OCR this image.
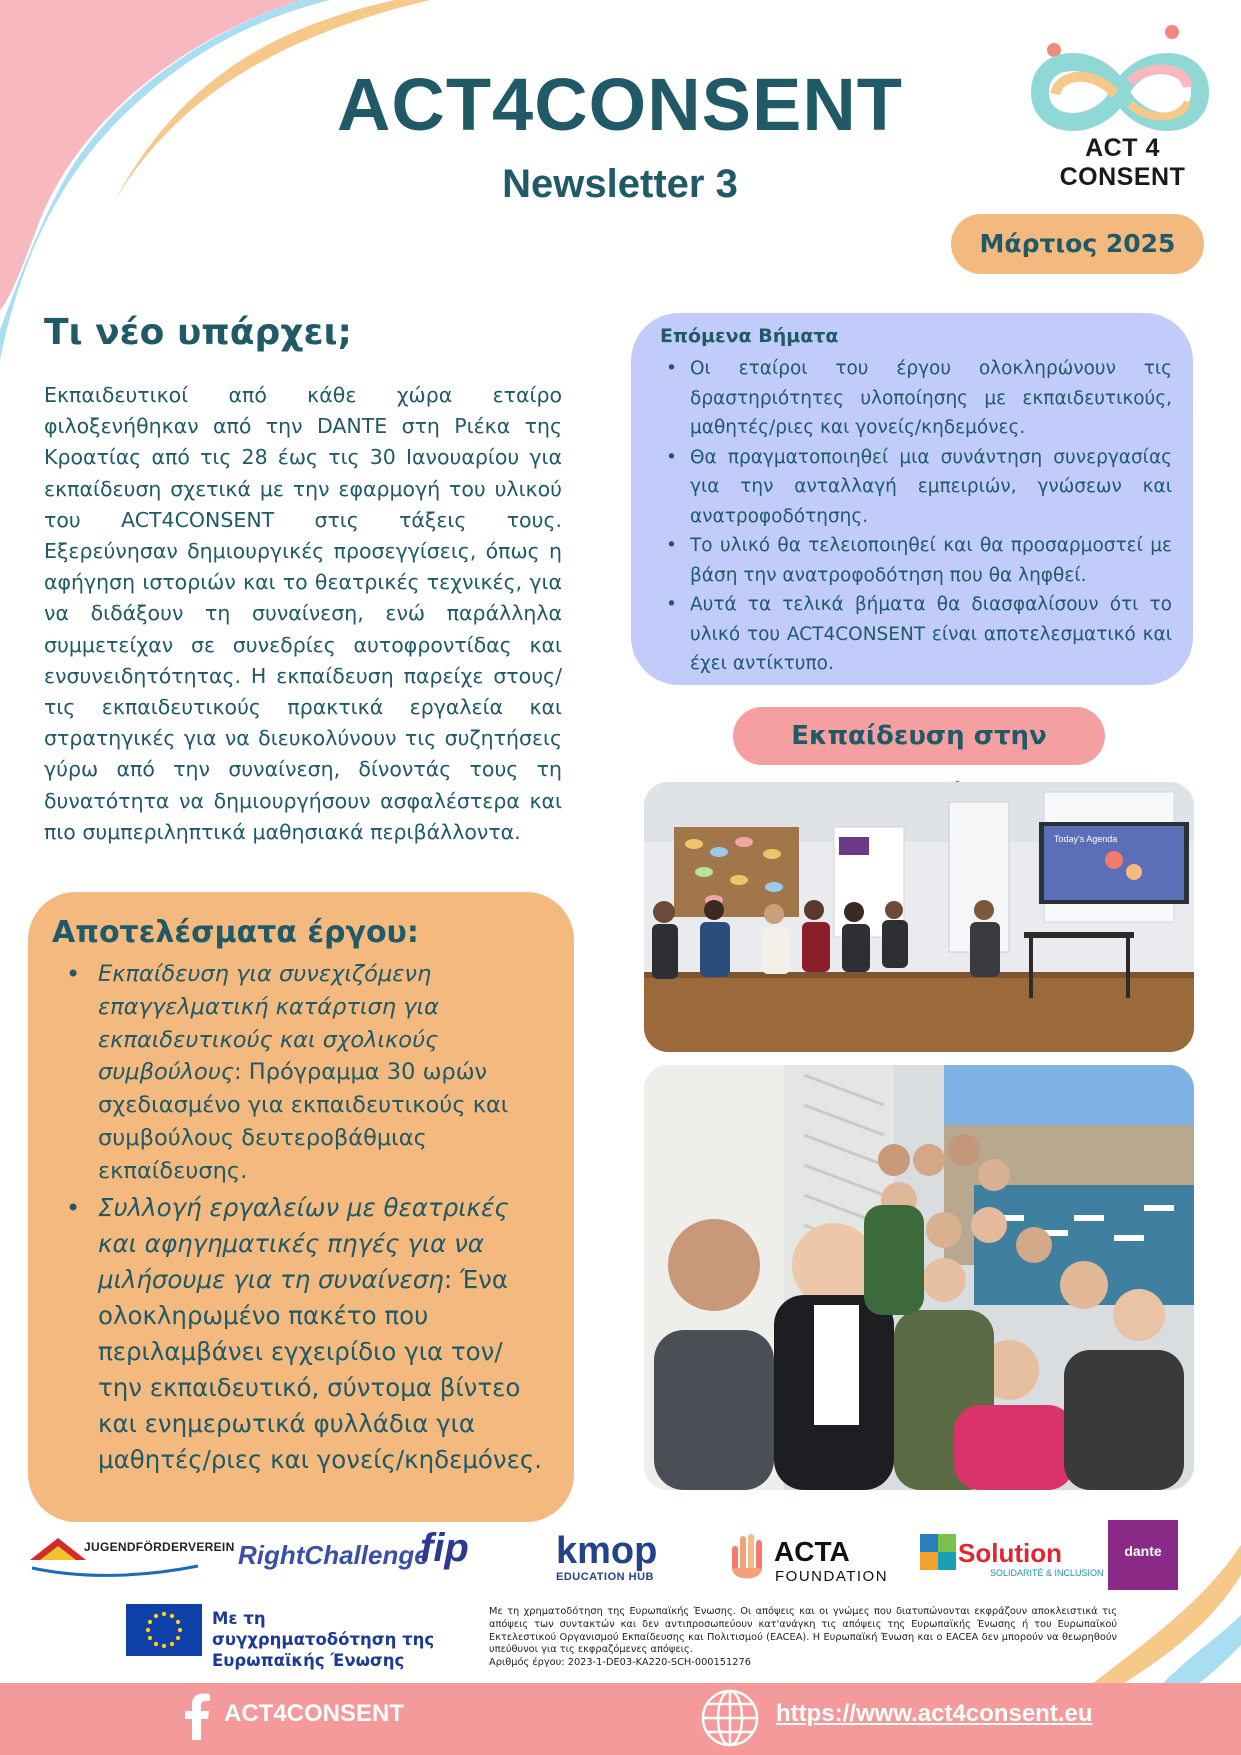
ACT4CONSENT
Newsletter 3
ACT 4 CONSENT
Μάρτιος 2025
Τι νέο υπάρχει;
Εκπαιδευτικοί από κάθε χώρα εταίρο φιλοξενήθηκαν από την DANTE στη Ριέκα της Κροατίας από τις 28 έως τις 30 Ιανουαρίου για εκπαίδευση σχετικά με την εφαρμογή του υλικού του ACT4CONSENT στις τάξεις τους. Εξερεύνησαν δημιουργικές προσεγγίσεις, όπως η αφήγηση ιστοριών και το θεατρικές τεχνικές, για να διδάξουν τη συναίνεση, ενώ παράλληλα συμμετείχαν σε συνεδρίες αυτοφροντίδας και ενσυνειδητότητας. Η εκπαίδευση παρείχε στους/τις εκπαιδευτικούς πρακτικά εργαλεία και στρατηγικές για να διευκολύνουν τις συζητήσεις γύρω από την συναίνεση, δίνοντάς τους τη δυνατότητα να δημιουργήσουν ασφαλέστερα και πιο συμπεριληπτικά μαθησιακά περιβάλλοντα.
Αποτελέσματα έργου:
• Εκπαίδευση για συνεχιζόμενη επαγγελματική κατάρτιση για εκπαιδευτικούς και σχολικούς συμβούλους: Πρόγραμμα 30 ωρών σχεδιασμένο για εκπαιδευτικούς και συμβούλους δευτεροβάθμιας εκπαίδευσης.
• Συλλογή εργαλείων με θεατρικές και αφηγηματικές πηγές για να μιλήσουμε για τη συναίνεση: Ένα ολοκληρωμένο πακέτο που περιλαμβάνει εγχειρίδιο για τον/την εκπαιδευτικό, σύντομα βίντεο και ενημερωτικά φυλλάδια για μαθητές/ριες και γονείς/κηδεμόνες.
Επόμενα Βήματα
• Οι εταίροι του έργου ολοκληρώνουν τις δραστηριότητες υλοποίησης με εκπαιδευτικούς, μαθητές/ριες και γονείς/κηδεμόνες.
• Θα πραγματοποιηθεί μια συνάντηση συνεργασίας για την ανταλλαγή εμπειριών, γνώσεων και ανατροφοδότησης.
• Το υλικό θα τελειοποιηθεί και θα προσαρμοστεί με βάση την ανατροφοδότηση που θα ληφθεί.
• Αυτά τα τελικά βήματα θα διασφαλίσουν ότι το υλικό του ACT4CONSENT είναι αποτελεσματικό και έχει αντίκτυπο.
Εκπαίδευση στην
Today's Agenda
JUGENDFÖRDERVEREIN RightChallenge
fip kmop
EDUCATION HUB
ACTA
FOUNDATION
Solution
SOLIDARITÉ & INCLUSION
dante
Με τη συγχρηματοδότηση της Ευρωπαϊκής Ένωσης
Με τη χρηματοδότηση της Ευρωπαϊκής Ένωσης. Οι απόψεις και οι γνώμες που διατυπώνονται εκφράζουν αποκλειστικά τις απόψεις των συντακτών και δεν αντιπροσωπεύουν κατ'ανάγκη τις απόψεις της Ευρωπαϊκής Ένωσης ή του Ευρωπαϊκού Εκτελεστικού Οργανισμού Εκπαίδευσης και Πολιτισμού (EACEA). Η Ευρωπαϊκή Ένωση και ο EACEA δεν μπορούν να θεωρηθούν υπεύθυνοι για τις εκφραζόμενες απόψεις.
Αριθμός έργου: 2023-1-DE03-KA220-SCH-000151276
ACT4CONSENT	https://www.act4consent.eu
